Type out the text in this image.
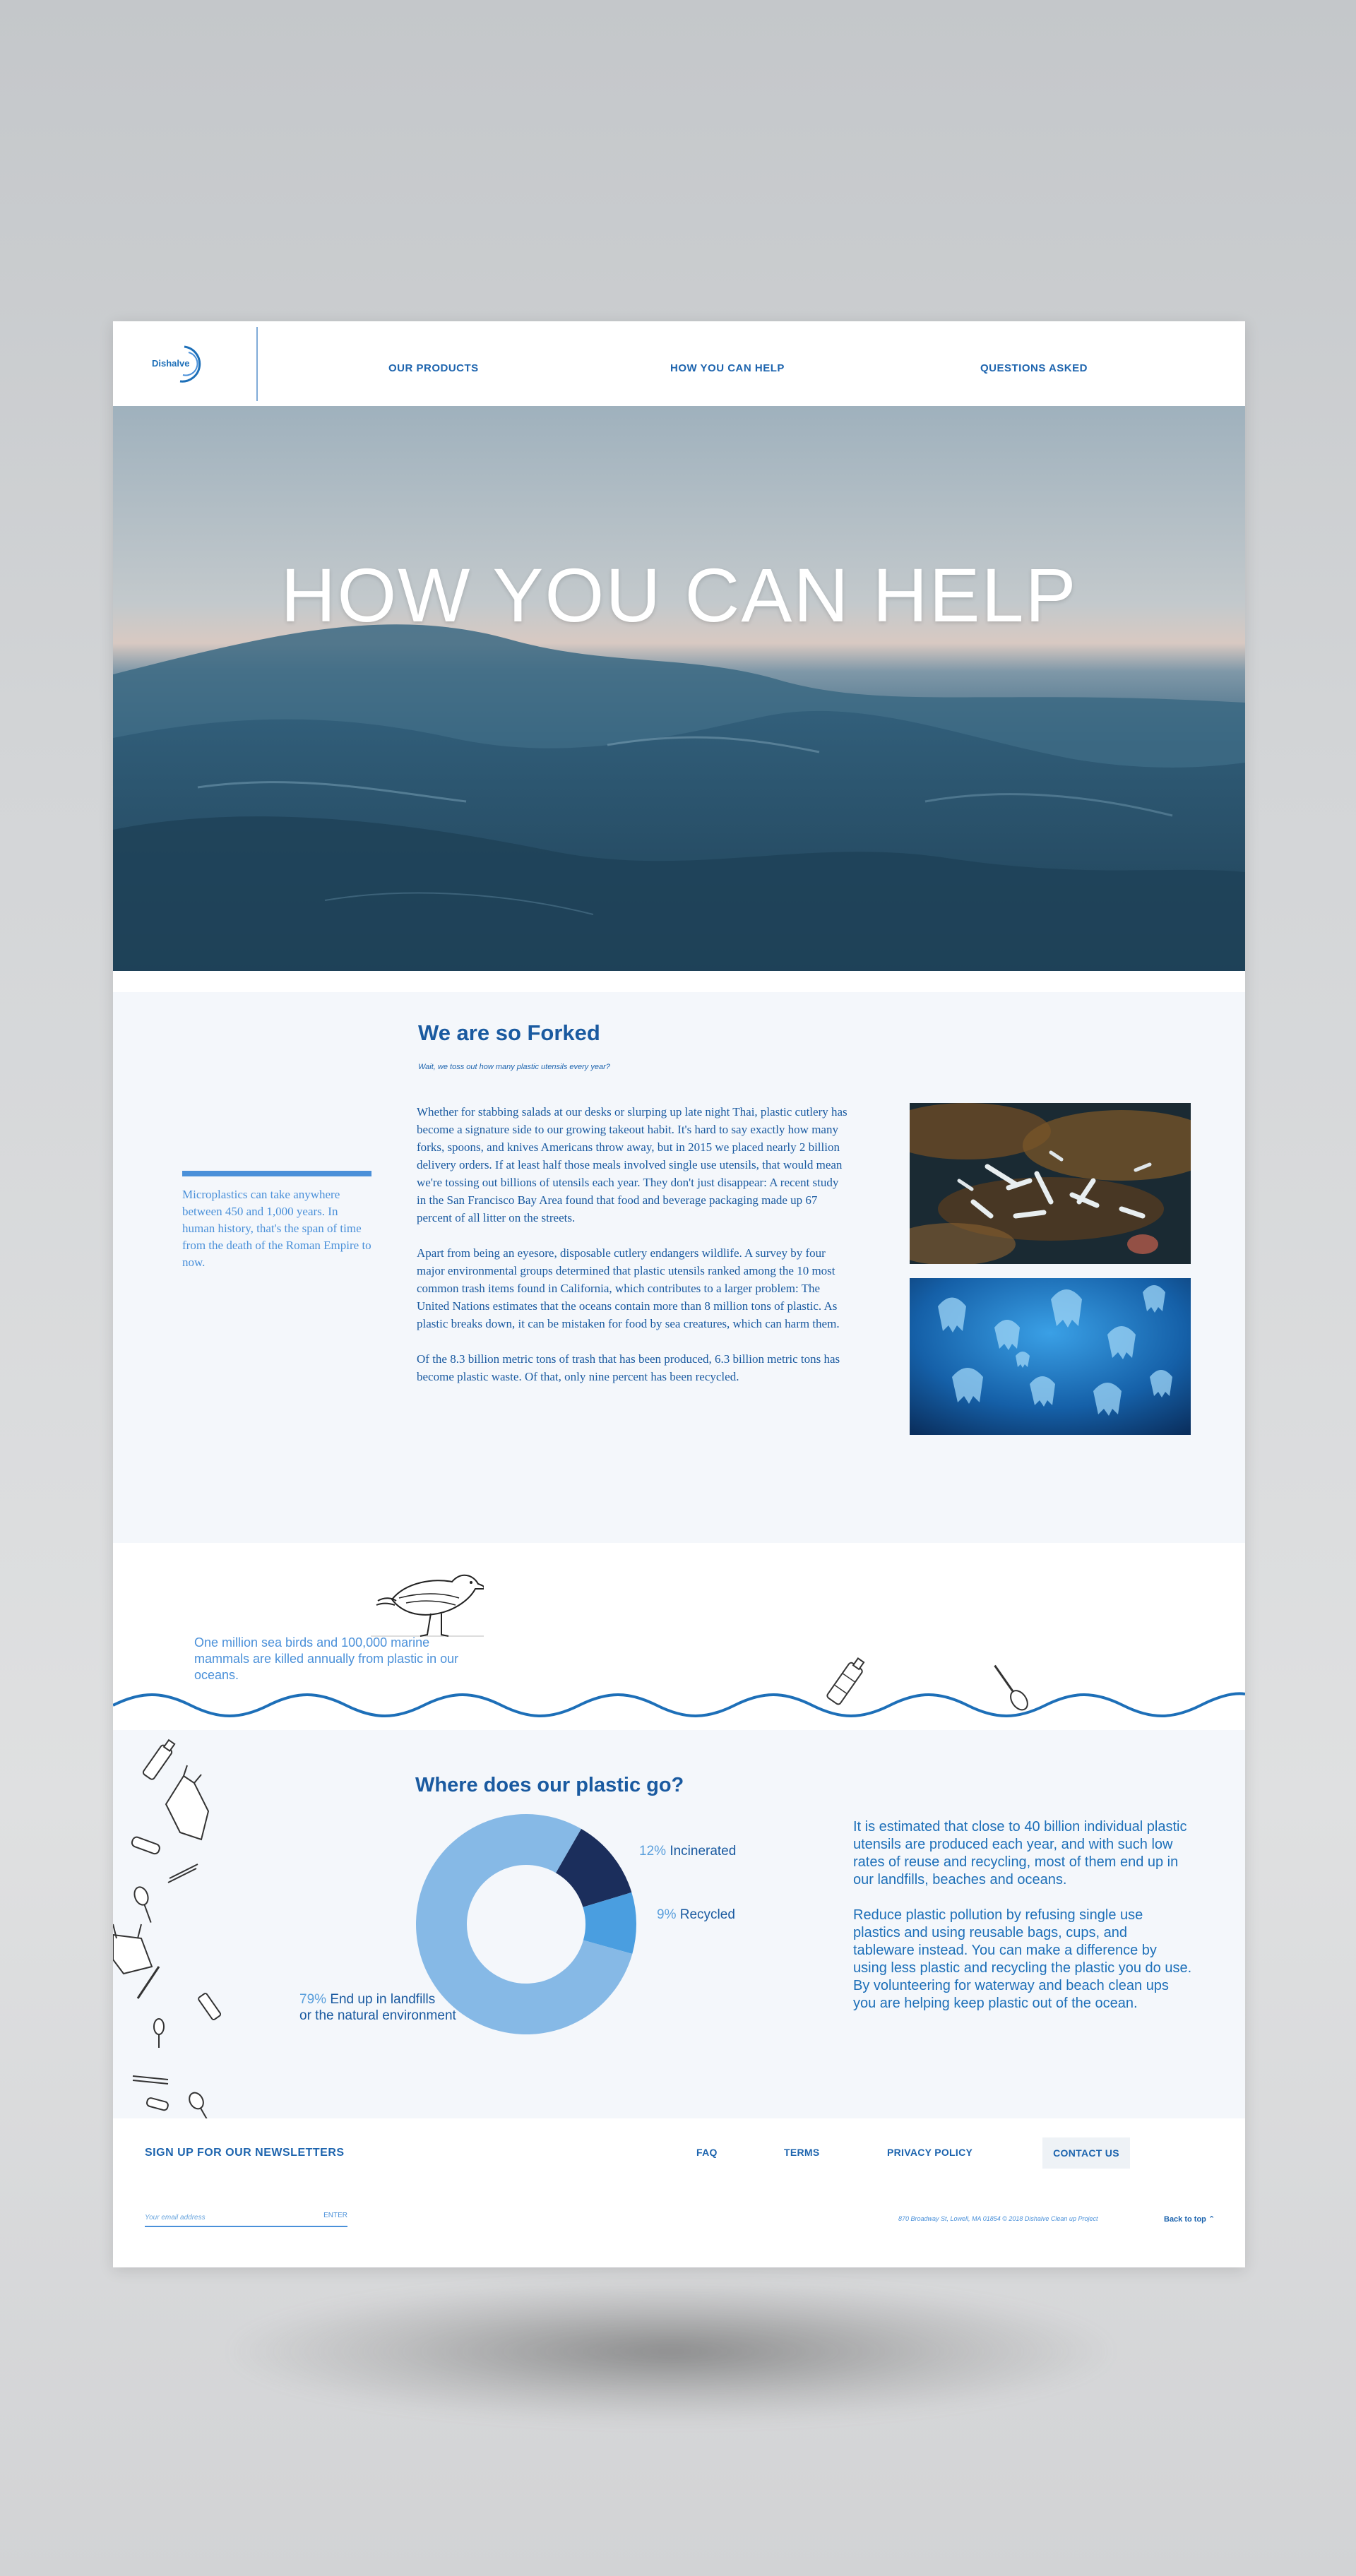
Dishalve	OUR PRODUCTS	HOW YOU CAN HELP	QUESTIONS ASKED
HOW YOU CAN HELP
We are so Forked
Wait, we toss out how many plastic utensils every year?

Whether for stabbing salads at our desks or slurping up late night Thai, plastic cutlery has become a signature side to our growing takeout habit. It's hard to say exactly how many forks, spoons, and knives Americans throw away, but in 2015 we placed nearly 2 billion delivery orders. If at least half those meals involved single use utensils, that would mean we're tossing out billions of utensils each year. They don't just disappear: A recent study in the San Francisco Bay Area found that food and beverage packaging made up 67 percent of all litter on the streets.

Apart from being an eyesore, disposable cutlery endangers wildlife. A survey by four major environmental groups determined that plastic utensils ranked among the 10 most common trash items found in California, which contributes to a larger problem: The United Nations estimates that the oceans contain more than 8 million tons of plastic. As plastic breaks down, it can be mistaken for food by sea creatures, which can harm them.

Of the 8.3 billion metric tons of trash that has been produced, 6.3 billion metric tons has become plastic waste. Of that, only nine percent has been recycled.

Microplastics can take anywhere between 450 and 1,000 years. In human history, that's the span of time from the death of the Roman Empire to now.
One million sea birds and 100,000 marine mammals are killed annually from plastic in our oceans.
Where does our plastic go?
12% Incinerated
9% Recycled
79% End up in landfills
or the natural environment

It is estimated that close to 40 billion individual plastic utensils are produced each year, and with such low rates of reuse and recycling, most of them end up in our landfills, beaches and oceans.

Reduce plastic pollution by refusing single use plastics and using reusable bags, cups, and tableware instead. You can make a difference by using less plastic and recycling the plastic you do use. By volunteering for waterway and beach clean ups you are helping keep plastic out of the ocean.

SIGN UP FOR OUR NEWSLETTERS
Your email address
ENTER
FAQ	TERMS	PRIVACY POLICY	CONTACT US
870 Broadway St, Lowell, MA 01854 © 2018 Dishalve Clean up Project	Back to top ⌃
